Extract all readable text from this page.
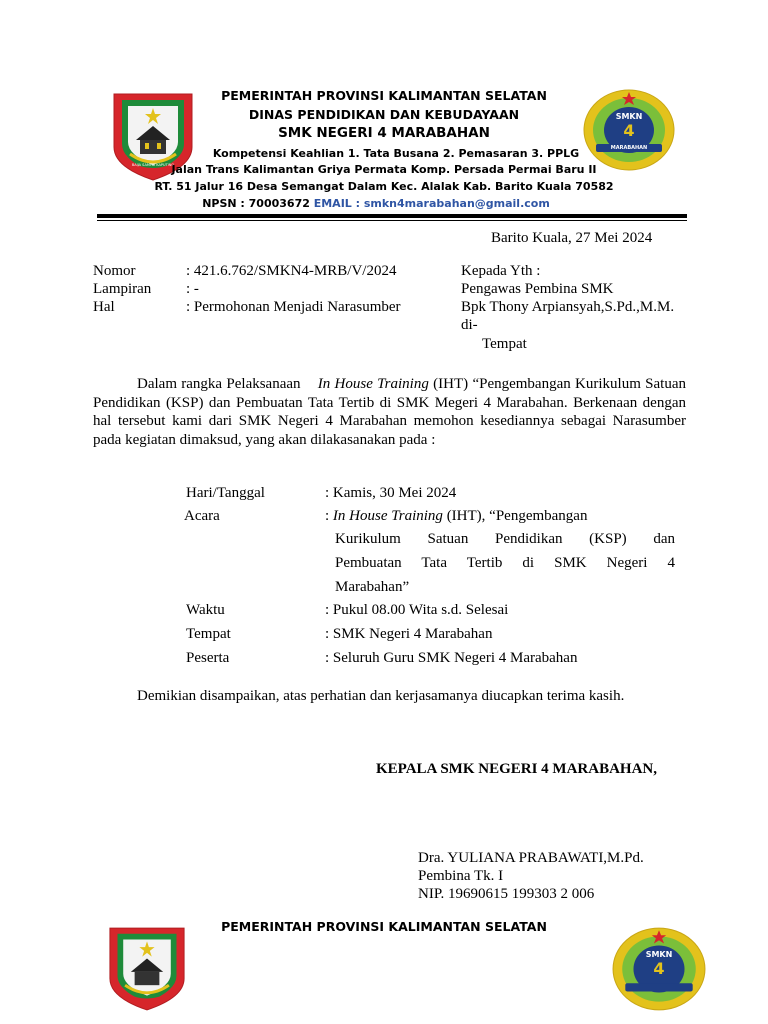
BAIJA SAMPAI KAPUTING
SMKN
4
MARABAHAN
PEMERINTAH PROVINSI KALIMANTAN SELATAN
DINAS PENDIDIKAN DAN KEBUDAYAAN
SMK NEGERI 4 MARABAHAN
Kompetensi Keahlian 1. Tata Busana 2. Pemasaran 3. PPLG
Jalan Trans Kalimantan Griya Permata Komp. Persada Permai Baru II
RT. 51 Jalur 16 Desa Semangat Dalam Kec. Alalak Kab. Barito Kuala 70582
NPSN : 70003672 EMAIL : smkn4marabahan@gmail.com
Barito Kuala, 27 Mei 2024
Nomor	: 421.6.762/SMKN4-MRB/V/2024
Lampiran : -
Hal	: Permohonan Menjadi Narasumber
Kepada Yth :
Pengawas Pembina SMK
Bpk Thony Arpiansyah,S.Pd.,M.M.
di-
Tempat
Dalam rangka Pelaksanaan In House Training (IHT) “Pengembangan Kurikulum Satuan Pendidikan (KSP) dan Pembuatan Tata Tertib di SMK Megeri 4 Marabahan. Berkenaan dengan hal tersebut kami dari SMK Negeri 4 Marabahan memohon kesediannya sebagai Narasumber pada kegiatan dimaksud, yang akan dilakasanakan pada :
Hari/Tanggal	: Kamis, 30 Mei 2024
Acara	: In House Training (IHT), “Pengembangan
Kurikulum Satuan Pendidikan (KSP) dan
Pembuatan Tata Tertib di SMK Negeri 4
Marabahan”
Waktu	: Pukul 08.00 Wita s.d. Selesai
Tempat	: SMK Negeri 4 Marabahan
Peserta	: Seluruh Guru SMK Negeri 4 Marabahan
Demikian disampaikan, atas perhatian dan kerjasamanya diucapkan terima kasih.
KEPALA SMK NEGERI 4 MARABAHAN,
Dra. YULIANA PRABAWATI,M.Pd.
Pembina Tk. I
NIP. 19690615 199303 2 006
SMKN
4
PEMERINTAH PROVINSI KALIMANTAN SELATAN
